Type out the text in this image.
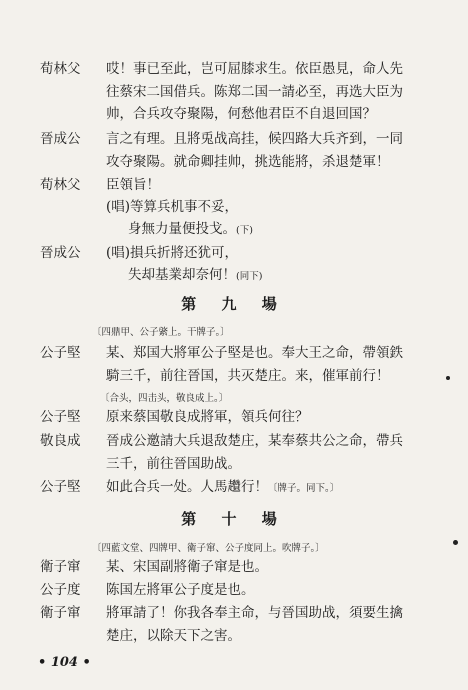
荀林父	哎！事已至此，岂可屈膝求生。依臣愚見，命人先
往蔡宋二国借兵。陈郑二国一請必至，再选大臣为
帅，合兵攻夺聚陽，何愁他君臣不自退回国？
晉成公	言之有理。且將兎战高挂，候四路大兵齐到，一同
攻夺聚陽。就命卿挂帅，挑选能將，杀退楚軍！
荀林父	臣領旨！
(唱)等算兵机事不妥，
身無力量便投戈。(下)
晉成公	(唱)損兵折將还犹可，
失却基業却奈何！(同下)
第 九 場
〔四鼎甲、公子綮上。干牌子。〕
公子堅	某、郑国大將軍公子堅是也。奉大王之命，帶領鉄
騎三千，前往晉国，共灭楚庄。来，催軍前行！
〔合头，四击头，敬良成上。〕
公子堅	原来蔡国敬良成將軍，領兵何往？
敬良成	晉成公邀請大兵退敌楚庄，某奉蔡共公之命，帶兵
三千，前往晉国助战。
公子堅	如此合兵一处。人馬趲行！〔牌子。同下。〕
第 十 場
〔四藍文堂、四牌甲、衛子窜、公子度同上。吹牌子。〕
衛子窜	某、宋国副將衛子窜是也。
公子度	陈国左將軍公子度是也。
衛子窜	將軍請了！你我各奉主命，与晉国助战，須要生擒
楚庄，以除天下之害。
• 104 •
